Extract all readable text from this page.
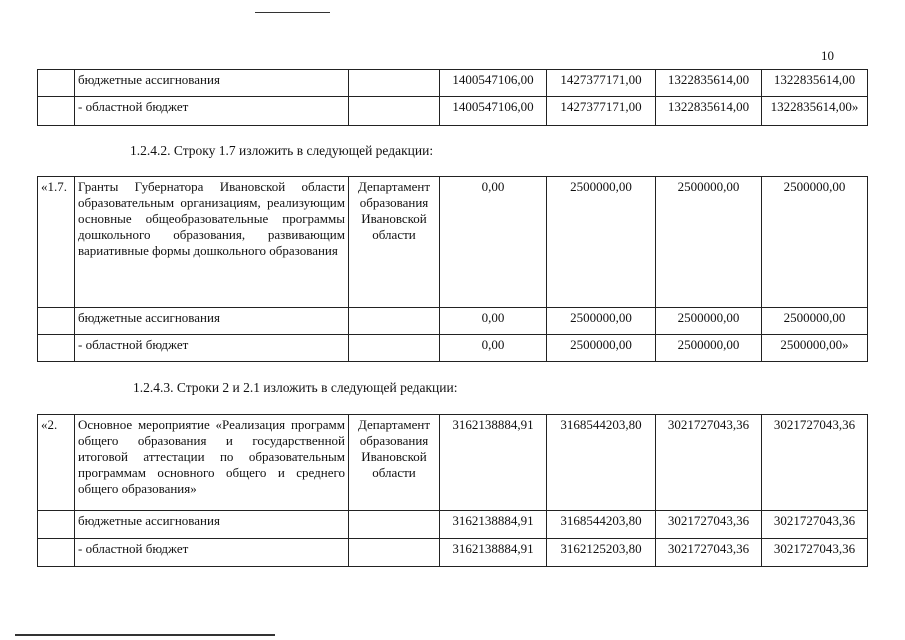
10
	бюджетные ассигнования		1400547106,00	1427377171,00	1322835614,00	1322835614,00
	- областной бюджет		1400547106,00	1427377171,00	1322835614,00	1322835614,00»
1.2.4.2. Строку 1.7 изложить в следующей редакции:
«1.7.	Гранты Губернатора Ивановской области образовательным организациям, реализующим основные общеобразовательные программы дошкольного образования, развивающим вариативные формы дошкольного образования	Департамент образования Ивановской области	0,00	2500000,00	2500000,00	2500000,00
	бюджетные ассигнования		0,00	2500000,00	2500000,00	2500000,00
	- областной бюджет		0,00	2500000,00	2500000,00	2500000,00»
1.2.4.3. Строки 2 и 2.1 изложить в следующей редакции:
«2.	Основное мероприятие «Реализация программ общего образования и государственной итоговой аттестации по образовательным программам основного общего и среднего общего образования»	Департамент образования Ивановской области	3162138884,91	3168544203,80	3021727043,36	3021727043,36
	бюджетные ассигнования		3162138884,91	3168544203,80	3021727043,36	3021727043,36
	- областной бюджет		3162138884,91	3162125203,80	3021727043,36	3021727043,36
